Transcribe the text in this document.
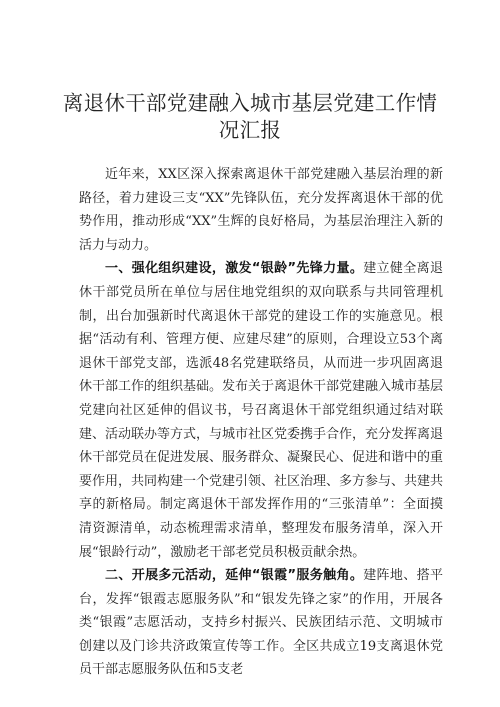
离退休干部党建融入城市基层党建工作情况汇报

近年来，XX区深入探索离退休干部党建融入基层治理的新路径，着力建设三支“XX”先锋队伍，充分发挥离退休干部的优势作用，推动形成“XX”生辉的良好格局，为基层治理注入新的活力与动力。

一、强化组织建设，激发“银龄”先锋力量。建立健全离退休干部党员所在单位与居住地党组织的双向联系与共同管理机制，出台加强新时代离退休干部党的建设工作的实施意见。根据“活动有利、管理方便、应建尽建”的原则，合理设立53个离退休干部党支部，选派48名党建联络员，从而进一步巩固离退休干部工作的组织基础。发布关于离退休干部党建融入城市基层党建向社区延伸的倡议书，号召离退休干部党组织通过结对联建、活动联办等方式，与城市社区党委携手合作，充分发挥离退休干部党员在促进发展、服务群众、凝聚民心、促进和谐中的重要作用，共同构建一个党建引领、社区治理、多方参与、共建共享的新格局。制定离退休干部发挥作用的“三张清单”：全面摸清资源清单，动态梳理需求清单，整理发布服务清单，深入开展“银龄行动”，激励老干部老党员积极贡献余热。

二、开展多元活动，延伸“银霞”服务触角。建阵地、搭平台，发挥“银霞志愿服务队”和“银发先锋之家”的作用，开展各类“银霞”志愿活动，支持乡村振兴、民族团结示范、文明城市创建以及门诊共济政策宣传等工作。全区共成立19支离退休党员干部志愿服务队伍和5支老
